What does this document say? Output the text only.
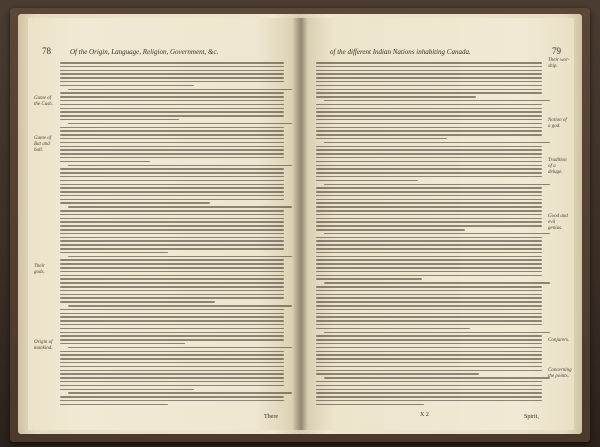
78	Of the Origin, Language, Religion, Government, &c.
Game of the Cush.
Game of Bat and ball.
Their gods.
Origin of mankind.
There
of the different Indian Nations inhabiting Canada.	79
Their wor-ship.
Notion of a god.
Tradition of a deluge.
Good and evil genius.
Conjurers.
Concerning the points.
X 2	Spirit,
